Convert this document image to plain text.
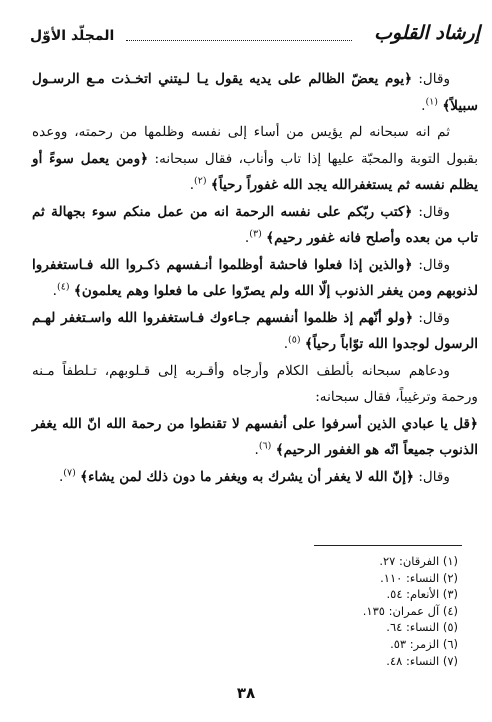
إرشاد القلوب
المجلّد الأوّل

وقال: ﴿يوم يعضّ الظالم على يديه يقول يـا لـيتني اتخـذت مـع الرسـول سبيلاً﴾ $^{(١)}$.

ثم انه سبحانه لم يؤيس من أساء إلى نفسه وظلمها من رحمته، ووعده بقبول التوبة والمحبّة عليها إذا تاب وأناب، فقال سبحانه: ﴿ومن يعمل سوءً أو يظلم نفسه ثم يستغفرالله يجد الله غفوراً رحياً﴾ $^{(٢)}$.

وقال: ﴿كتب ربّكم على نفسه الرحمة انه من عمل منكم سوء بجهالة ثم تاب من بعده وأصلح فانه غفور رحيم﴾ $^{(٣)}$.

وقال: ﴿والذين إذا فعلوا فاحشة أوظلموا أنـفسهم ذكـروا الله فـاستغفروا لذنوبهم ومن يغفر الذنوب إلّا الله ولم يصرّوا على ما فعلوا وهم يعلمون﴾ $^{(٤)}$.

وقال: ﴿ولو أنّهم إذ ظلموا أنفسهم جـاءوك فـاستغفروا الله واسـتغفر لهـم الرسول لوجدوا الله توّاباً رحياً﴾ $^{(٥)}$.

ودعاهم سبحانه بألطف الكلام وأرجاه وأقـربه إلى قـلوبهم، تـلطفاً مـنه ورحمة وترغيباً، فقال سبحانه:

﴿قل يا عبادي الذين أسرفوا على أنفسهم لا تقنطوا من رحمة الله انّ الله يغفر الذنوب جميعاً انّه هو الغفور الرحيم﴾ $^{(٦)}$.

وقال: ﴿إنّ الله لا يغفر أن يشرك به ويغفر ما دون ذلك لمن يشاء﴾ $^{(٧)}$.

(١) الفرقان: ٢٧.
(٢) النساء: ١١٠.
(٣) الأنعام: ٥٤.
(٤) آل عمران: ١٣٥.
(٥) النساء: ٦٤.
(٦) الزمر: ٥٣.
(٧) النساء: ٤٨.
٣٨
